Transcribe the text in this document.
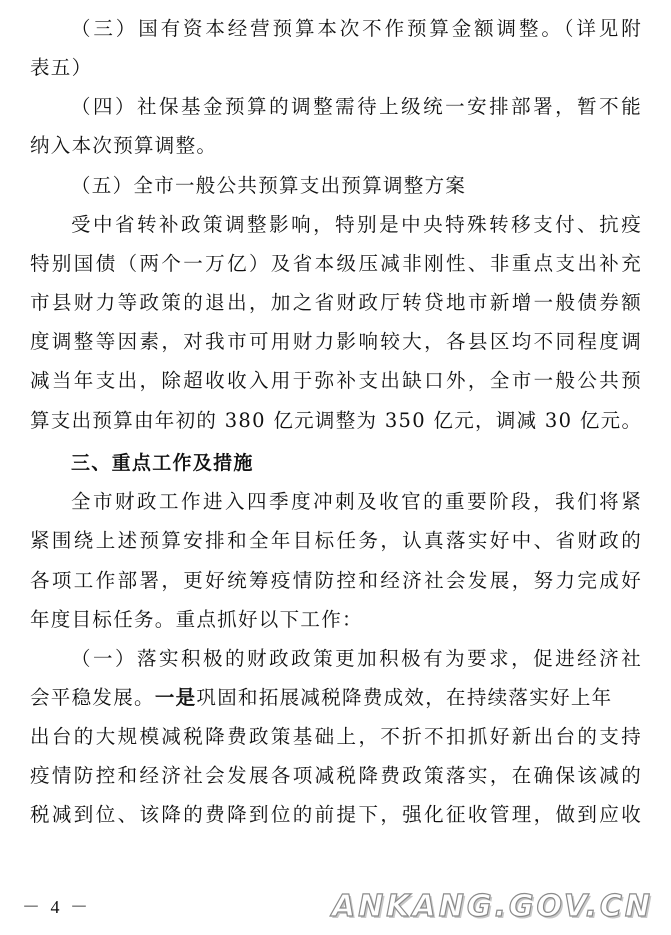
（三）国有资本经营预算本次不作预算金额调整。（详见附
表五）
（四）社保基金预算的调整需待上级统一安排部署，暂不能
纳入本次预算调整。
（五）全市一般公共预算支出预算调整方案
受中省转补政策调整影响，特别是中央特殊转移支付、抗疫
特别国债（两个一万亿）及省本级压减非刚性、非重点支出补充
市县财力等政策的退出，加之省财政厅转贷地市新增一般债券额
度调整等因素，对我市可用财力影响较大，各县区均不同程度调
减当年支出，除超收收入用于弥补支出缺口外，全市一般公共预
算支出预算由年初的 380 亿元调整为 350 亿元，调减 30 亿元。
三、重点工作及措施
全市财政工作进入四季度冲刺及收官的重要阶段，我们将紧
紧围绕上述预算安排和全年目标任务，认真落实好中、省财政的
各项工作部署，更好统筹疫情防控和经济社会发展，努力完成好
年度目标任务。重点抓好以下工作：
（一）落实积极的财政政策更加积极有为要求，促进经济社
会平稳发展。一是巩固和拓展减税降费成效，在持续落实好上年
出台的大规模减税降费政策基础上，不折不扣抓好新出台的支持
疫情防控和经济社会发展各项减税降费政策落实，在确保该减的
税减到位、该降的费降到位的前提下，强化征收管理，做到应收
－ 4 －	ANKANG.GOV.CN
